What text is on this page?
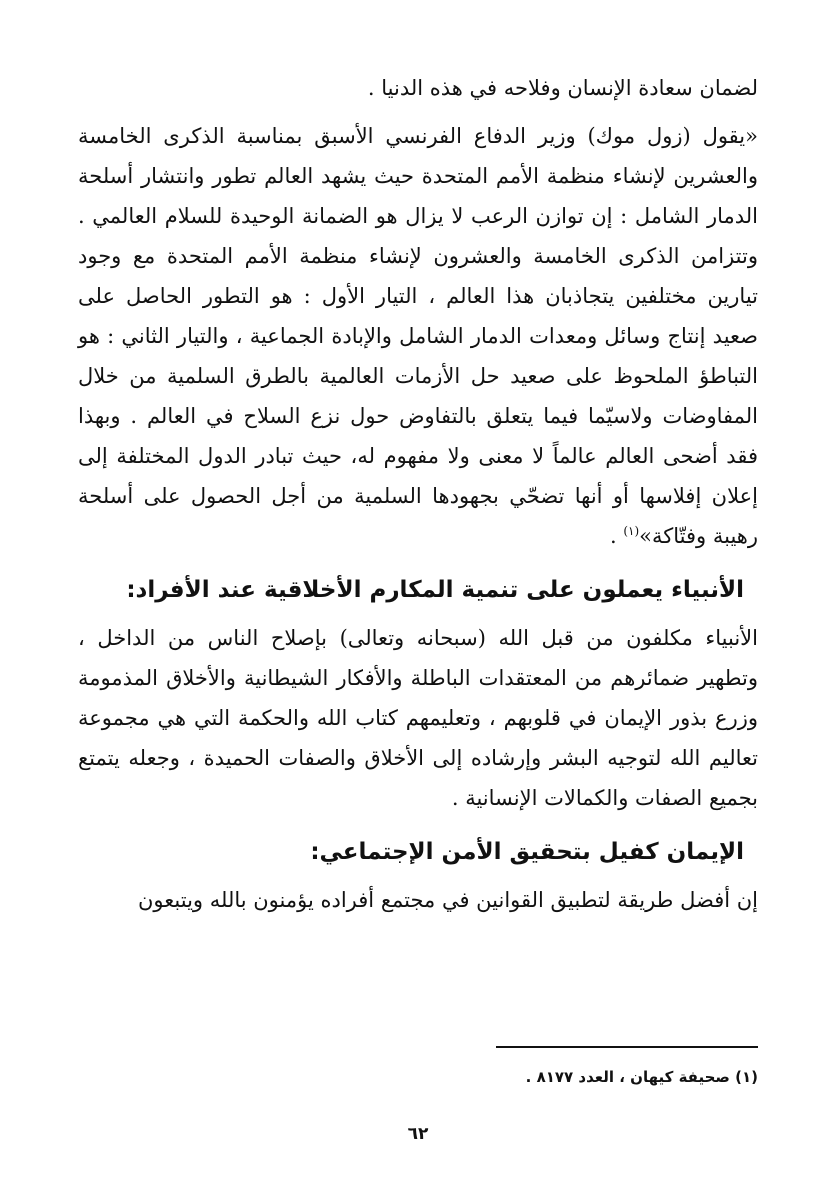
لضمان سعادة الإنسان وفلاحه في هذه الدنيا .

«يقول (زول موك) وزير الدفاع الفرنسي الأسبق بمناسبة الذكرى الخامسة والعشرين لإنشاء منظمة الأمم المتحدة حيث يشهد العالم تطور وانتشار أسلحة الدمار الشامل : إن توازن الرعب لا يزال هو الضمانة الوحيدة للسلام العالمي . وتتزامن الذكرى الخامسة والعشرون لإنشاء منظمة الأمم المتحدة مع وجود تيارين مختلفين يتجاذبان هذا العالم ، التيار الأول : هو التطور الحاصل على صعيد إنتاج وسائل ومعدات الدمار الشامل والإبادة الجماعية ، والتيار الثاني : هو التباطؤ الملحوظ على صعيد حل الأزمات العالمية بالطرق السلمية من خلال المفاوضات ولاسيّما فيما يتعلق بالتفاوض حول نزع السلاح في العالم . وبهذا فقد أضحى العالم عالماً لا معنى ولا مفهوم له، حيث تبادر الدول المختلفة إلى إعلان إفلاسها أو أنها تضحّي بجهودها السلمية من أجل الحصول على أسلحة رهيبة وفتّاكة»$^{(١)}$ .

الأنبياء يعملون على تنمية المكارم الأخلاقية عند الأفراد:

الأنبياء مكلفون من قبل الله (سبحانه وتعالى) بإصلاح الناس من الداخل ، وتطهير ضمائرهم من المعتقدات الباطلة والأفكار الشيطانية والأخلاق المذمومة وزرع بذور الإيمان في قلوبهم ، وتعليمهم كتاب الله والحكمة التي هي مجموعة تعاليم الله لتوجيه البشر وإرشاده إلى الأخلاق والصفات الحميدة ، وجعله يتمتع بجميع الصفات والكمالات الإنسانية .

الإيمان كفيل بتحقيق الأمن الإجتماعي:

إن أفضل طريقة لتطبيق القوانين في مجتمع أفراده يؤمنون بالله ويتبعون

(١) صحيفة كيهان ، العدد ٨١٧٧ .
٦٢
